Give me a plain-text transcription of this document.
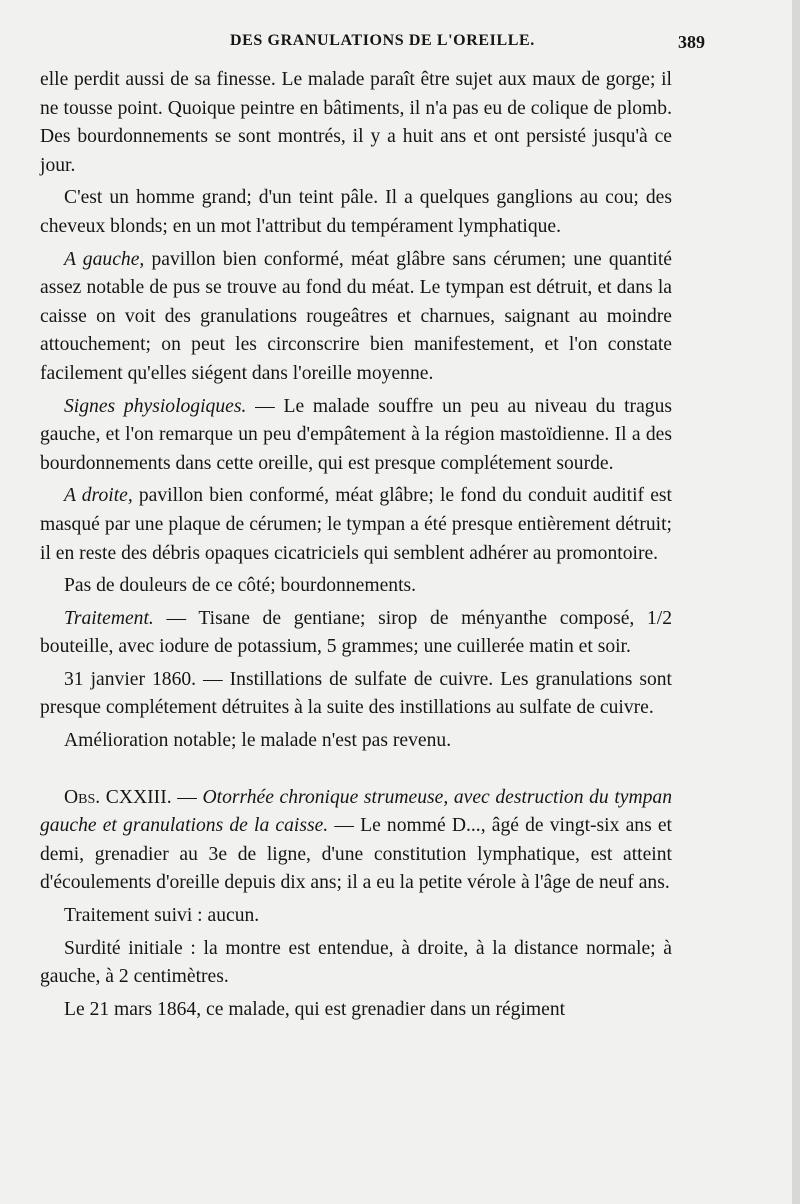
DES GRANULATIONS DE L'OREILLE.	389

elle perdit aussi de sa finesse. Le malade paraît être sujet aux maux de gorge; il ne tousse point. Quoique peintre en bâtiments, il n'a pas eu de colique de plomb. Des bourdonnements se sont montrés, il y a huit ans et ont persisté jusqu'à ce jour.

C'est un homme grand; d'un teint pâle. Il a quelques ganglions au cou; des cheveux blonds; en un mot l'attribut du tempérament lymphatique.

A gauche, pavillon bien conformé, méat glâbre sans cérumen; une quantité assez notable de pus se trouve au fond du méat. Le tympan est détruit, et dans la caisse on voit des granulations rougeâtres et charnues, saignant au moindre attouchement; on peut les circonscrire bien manifestement, et l'on constate facilement qu'elles siégent dans l'oreille moyenne.

Signes physiologiques. — Le malade souffre un peu au niveau du tragus gauche, et l'on remarque un peu d'empâtement à la région mastoïdienne. Il a des bourdonnements dans cette oreille, qui est presque complétement sourde.

A droite, pavillon bien conformé, méat glâbre; le fond du conduit auditif est masqué par une plaque de cérumen; le tympan a été presque entièrement détruit; il en reste des débris opaques cicatriciels qui semblent adhérer au promontoire.

Pas de douleurs de ce côté; bourdonnements.

Traitement. — Tisane de gentiane; sirop de ményanthe composé, 1/2 bouteille, avec iodure de potassium, 5 grammes; une cuillerée matin et soir.

31 janvier 1860. — Instillations de sulfate de cuivre. Les granulations sont presque complétement détruites à la suite des instillations au sulfate de cuivre.

Amélioration notable; le malade n'est pas revenu.

Obs. CXXIII. — Otorrhée chronique strumeuse, avec destruction du tympan gauche et granulations de la caisse. — Le nommé D..., âgé de vingt-six ans et demi, grenadier au 3e de ligne, d'une constitution lymphatique, est atteint d'écoulements d'oreille depuis dix ans; il a eu la petite vérole à l'âge de neuf ans.

Traitement suivi : aucun.

Surdité initiale : la montre est entendue, à droite, à la distance normale; à gauche, à 2 centimètres.

Le 21 mars 1864, ce malade, qui est grenadier dans un régiment
